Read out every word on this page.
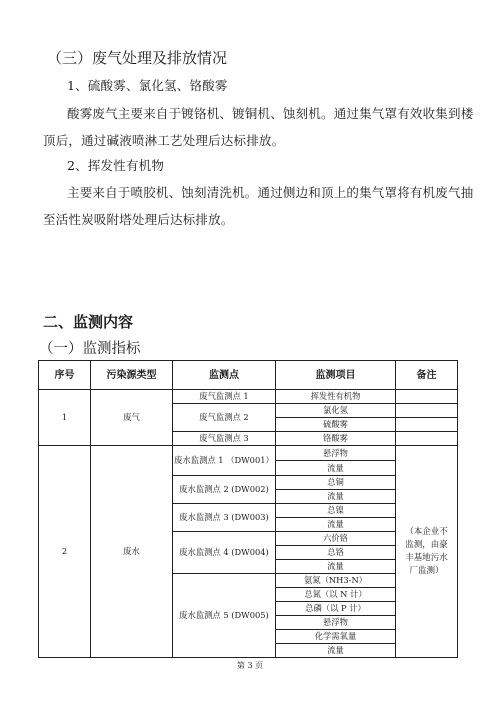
（三）废气处理及排放情况
1、硫酸雾、氯化氢、铬酸雾
酸雾废气主要来自于镀铬机、镀铜机、蚀刻机。通过集气罩有效收集到楼
顶后，通过碱液喷淋工艺处理后达标排放。
2、挥发性有机物
主要来自于喷胶机、蚀刻清洗机。通过侧边和顶上的集气罩将有机废气抽
至活性炭吸附塔处理后达标排放。
二、监测内容
（一）监测指标
序号	污染源类型	监测点	监测项目	备注
1	废气	废气监测点 1	挥发性有机物	
		废气监测点 2	氯化氢	
			硫酸雾	
		废气监测点 3	铬酸雾	
2	废水	废水监测点 1 （DW001）	悬浮物	（本企业不监测，由豪丰基地污水厂监测）
			流量	
		废水监测点 2 (DW002)	总铜	
			流量	
		废水监测点 3 (DW003)	总镍	
			流量	
		废水监测点 4 (DW004)	六价铬	
			总铬	
			流量	
		废水监测点 5 (DW005)	氨氮（NH3-N）	
			总氮（以 N 计）	
			总磷（以 P 计）	
			悬浮物	
			化学需氧量	
			流量	
第 3 页
